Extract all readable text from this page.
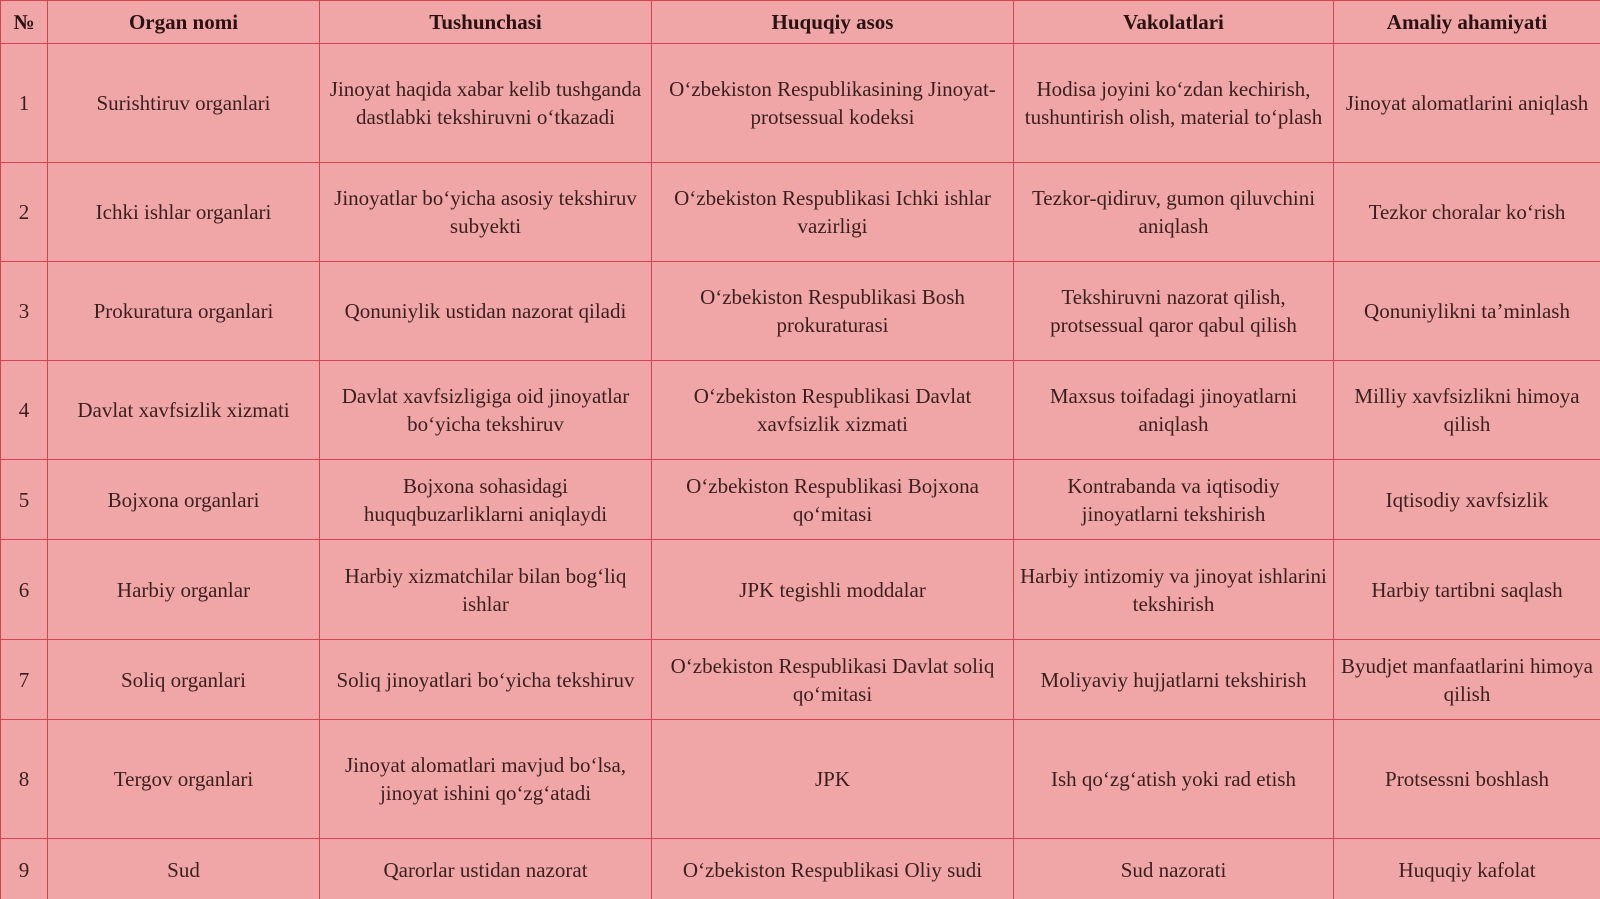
№	Organ nomi	Tushunchasi	Huquqiy asos	Vakolatlari	Amaliy ahamiyati
1	Surishtiruv organlari	Jinoyat haqida xabar kelib tushganda dastlabki tekshiruvni o‘tkazadi	O‘zbekiston Respublikasining Jinoyat-protsessual kodeksi	Hodisa joyini ko‘zdan kechirish, tushuntirish olish, material to‘plash	Jinoyat alomatlarini aniqlash
2	Ichki ishlar organlari	Jinoyatlar bo‘yicha asosiy tekshiruv subyekti	O‘zbekiston Respublikasi Ichki ishlar vazirligi	Tezkor-qidiruv, gumon qiluvchini aniqlash	Tezkor choralar ko‘rish
3	Prokuratura organlari	Qonuniylik ustidan nazorat qiladi	O‘zbekiston Respublikasi Bosh prokuraturasi	Tekshiruvni nazorat qilish, protsessual qaror qabul qilish	Qonuniylikni ta’minlash
4	Davlat xavfsizlik xizmati	Davlat xavfsizligiga oid jinoyatlar bo‘yicha tekshiruv	O‘zbekiston Respublikasi Davlat xavfsizlik xizmati	Maxsus toifadagi jinoyatlarni aniqlash	Milliy xavfsizlikni himoya qilish
5	Bojxona organlari	Bojxona sohasidagi huquqbuzarliklarni aniqlaydi	O‘zbekiston Respublikasi Bojxona qo‘mitasi	Kontrabanda va iqtisodiy jinoyatlarni tekshirish	Iqtisodiy xavfsizlik
6	Harbiy organlar	Harbiy xizmatchilar bilan bog‘liq ishlar	JPK tegishli moddalar	Harbiy intizomiy va jinoyat ishlarini tekshirish	Harbiy tartibni saqlash
7	Soliq organlari	Soliq jinoyatlari bo‘yicha tekshiruv	O‘zbekiston Respublikasi Davlat soliq qo‘mitasi	Moliyaviy hujjatlarni tekshirish	Byudjet manfaatlarini himoya qilish
8	Tergov organlari	Jinoyat alomatlari mavjud bo‘lsa, jinoyat ishini qo‘zg‘atadi	JPK	Ish qo‘zg‘atish yoki rad etish	Protsessni boshlash
9	Sud	Qarorlar ustidan nazorat	O‘zbekiston Respublikasi Oliy sudi	Sud nazorati	Huquqiy kafolat
